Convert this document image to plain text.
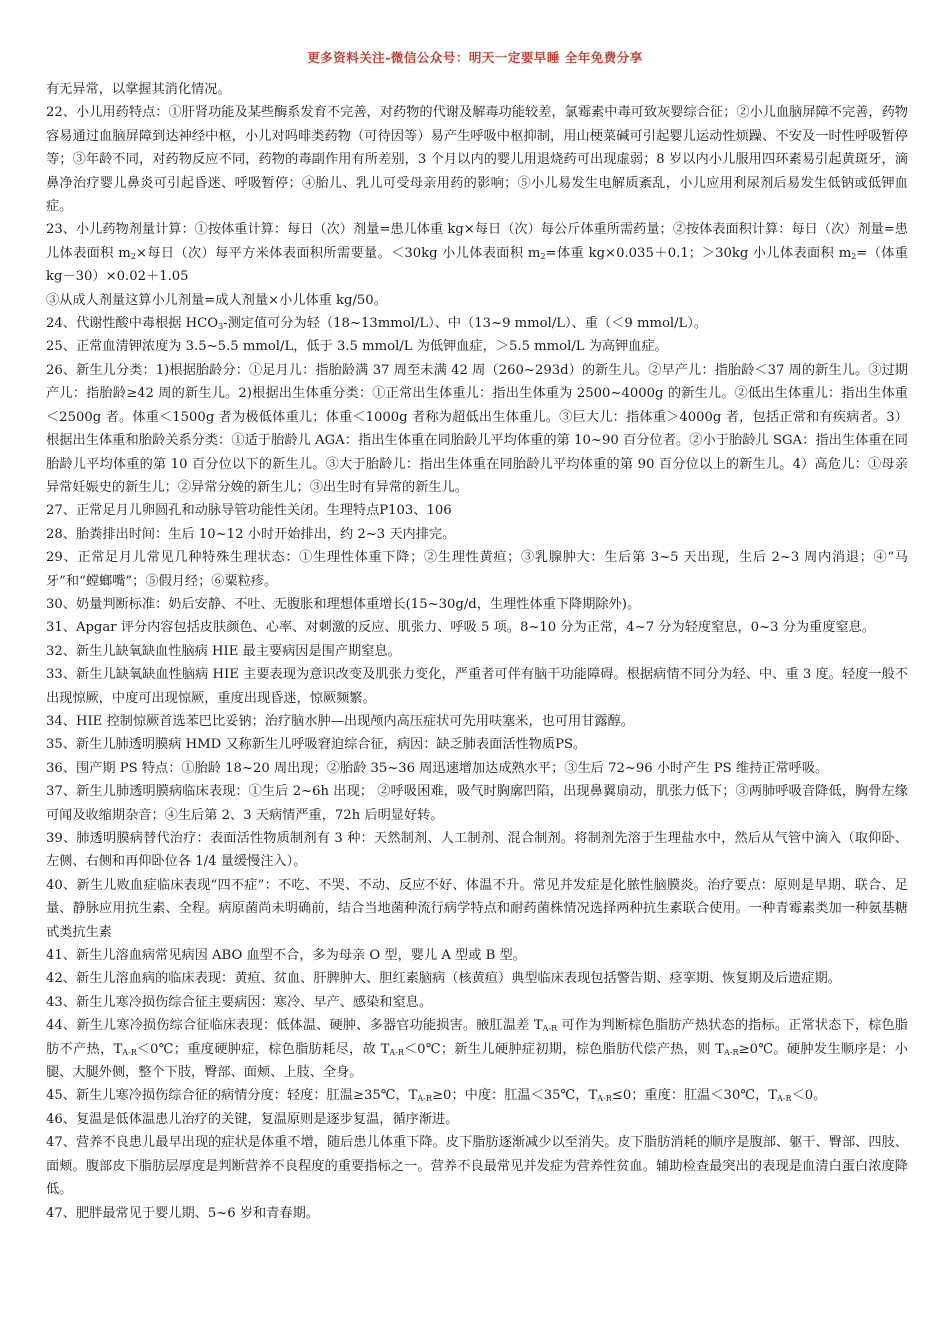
更多资料关注-微信公众号：明天一定要早睡 全年免费分享

有无异常，以掌握其消化情况。

22、小儿用药特点：①肝肾功能及某些酶系发育不完善，对药物的代谢及解毒功能较差，氯霉素中毒可致灰婴综合征；②小儿血脑屏障不完善，药物容易通过血脑屏障到达神经中枢，小儿对吗啡类药物（可待因等）易产生呼吸中枢抑制，用山梗菜碱可引起婴儿运动性烦躁、不安及一时性呼吸暂停等；③年龄不同，对药物反应不同，药物的毒副作用有所差别，3 个月以内的婴儿用退烧药可出现虚弱；8 岁以内小儿服用四环素易引起黄斑牙，滴鼻净治疗婴儿鼻炎可引起昏迷、呼吸暂停；④胎儿、乳儿可受母亲用药的影响；⑤小儿易发生电解质紊乱，小儿应用利尿剂后易发生低钠或低钾血症。

23、小儿药物剂量计算：①按体重计算：每日（次）剂量=患儿体重 kg×每日（次）每公斤体重所需药量；②按体表面积计算：每日（次）剂量=患儿体表面积 $m_2\times$每日（次）每平方米体表面积所需要量。＜30kg 小儿体表面积 $m_2=$体重 kg×0.035＋0.1；＞30kg 小儿体表面积 $m_2=$（体重 kg－30）×0.02＋1.05

③从成人剂量这算小儿剂量=成人剂量×小儿体重 kg/50。

24、代谢性酸中毒根据 $HCO_3-$测定值可分为轻（18~13mmol/L）、中（13~9 mmol/L）、重（＜9 mmol/L）。

25、正常血清钾浓度为 3.5~5.5 mmol/L，低于 3.5 mmol/L 为低钾血症，＞5.5 mmol/L 为高钾血症。

26、新生儿分类：1)根据胎龄分：①足月儿：指胎龄满 37 周至未满 42 周（260~293d）的新生儿。②早产儿：指胎龄＜37 周的新生儿。③过期产儿：指胎龄≥42 周的新生儿。2)根据出生体重分类：①正常出生体重儿：指出生体重为 2500~4000g 的新生儿。②低出生体重儿：指出生体重＜2500g 者。体重＜1500g 者为极低体重儿；体重＜1000g 者称为超低出生体重儿。③巨大儿：指体重＞4000g 者，包括正常和有疾病者。3）根据出生体重和胎龄关系分类：①适于胎龄儿 AGA：指出生体重在同胎龄儿平均体重的第 10~90 百分位者。②小于胎龄儿 SGA：指出生体重在同胎龄儿平均体重的第 10 百分位以下的新生儿。③大于胎龄儿：指出生体重在同胎龄儿平均体重的第 90 百分位以上的新生儿。4）高危儿：①母亲异常妊娠史的新生儿；②异常分娩的新生儿；③出生时有异常的新生儿。

27、正常足月儿卵圆孔和动脉导管功能性关闭。生理特点P103、106

28、胎粪排出时间：生后 10~12 小时开始排出，约 2~3 天内排完。

29、正常足月儿常见几种特殊生理状态：①生理性体重下降；②生理性黄疸；③乳腺肿大：生后第 3~5 天出现，生后 2~3 周内消退；④“马牙”和“螳螂嘴”；⑤假月经；⑥粟粒疹。

30、奶量判断标准：奶后安静、不吐、无腹胀和理想体重增长(15~30g/d，生理性体重下降期除外)。

31、Apgar 评分内容包括皮肤颜色、心率、对刺激的反应、肌张力、呼吸 5 项。8~10 分为正常，4~7 分为轻度窒息，0~3 分为重度窒息。

32、新生儿缺氧缺血性脑病 HIE 最主要病因是围产期窒息。

33、新生儿缺氧缺血性脑病 HIE 主要表现为意识改变及肌张力变化，严重者可伴有脑干功能障碍。根据病情不同分为轻、中、重 3 度。轻度一般不出现惊厥，中度可出现惊厥，重度出现昏迷，惊厥频繁。

34、HIE 控制惊厥首选苯巴比妥钠；治疗脑水肿—出现颅内高压症状可先用呋塞米，也可用甘露醇。

35、新生儿肺透明膜病 HMD 又称新生儿呼吸窘迫综合征，病因：缺乏肺表面活性物质PS。

36、围产期 PS 特点：①胎龄 18~20 周出现；②胎龄 35~36 周迅速增加达成熟水平；③生后 72~96 小时产生 PS 维持正常呼吸。

37、新生儿肺透明膜病临床表现：①生后 2~6h 出现； ②呼吸困难，吸气时胸廓凹陷，出现鼻翼扇动，肌张力低下；③两肺呼吸音降低，胸骨左缘可闻及收缩期杂音；④生后第 2、3 天病情严重，72h 后明显好转。

39、肺透明膜病替代治疗：表面活性物质制剂有 3 种：天然制剂、人工制剂、混合制剂。将制剂先溶于生理盐水中，然后从气管中滴入（取仰卧、左侧、右侧和再仰卧位各 1/4 量缓慢注入）。

40、新生儿败血症临床表现“四不症”：不吃、不哭、不动、反应不好、体温不升。常见并发症是化脓性脑膜炎。治疗要点：原则是早期、联合、足量、静脉应用抗生素、全程。病原菌尚未明确前，结合当地菌种流行病学特点和耐药菌株情况选择两种抗生素联合使用。一种青霉素类加一种氨基糖甙类抗生素

41、新生儿溶血病常见病因 ABO 血型不合，多为母亲 O 型，婴儿 A 型或 B 型。

42、新生儿溶血病的临床表现：黄疸、贫血、肝脾肿大、胆红素脑病（核黄疸）典型临床表现包括警告期、痉挛期、恢复期及后遗症期。

43、新生儿寒冷损伤综合征主要病因：寒冷、早产、感染和窒息。

44、新生儿寒冷损伤综合征临床表现：低体温、硬肿、多器官功能损害。腋肛温差 $T_{A-R}$ 可作为判断棕色脂肪产热状态的指标。正常状态下，棕色脂肪不产热，$T_{A-R}<0℃$；重度硬肿症，棕色脂肪耗尽，故 $T_{A-R}<0℃$；新生儿硬肿症初期，棕色脂肪代偿产热，则 $T_{A-R}\ge 0℃$。硬肿发生顺序是：小腿、大腿外侧，整个下肢，臀部、面颊、上肢、全身。

45、新生儿寒冷损伤综合征的病情分度：轻度：肛温≥35℃，$T_{A-R}\ge 0$；中度：肛温＜35℃，$T_{A-R}\le 0$；重度：肛温＜30℃，$T_{A-R}<0$。

46、复温是低体温患儿治疗的关键，复温原则是逐步复温，循序渐进。

47、营养不良患儿最早出现的症状是体重不增，随后患儿体重下降。皮下脂肪逐渐减少以至消失。皮下脂肪消耗的顺序是腹部、躯干、臀部、四肢、面颊。腹部皮下脂肪层厚度是判断营养不良程度的重要指标之一。营养不良最常见并发症为营养性贫血。辅助检查最突出的表现是血清白蛋白浓度降低。

47、肥胖最常见于婴儿期、5~6 岁和青春期。
